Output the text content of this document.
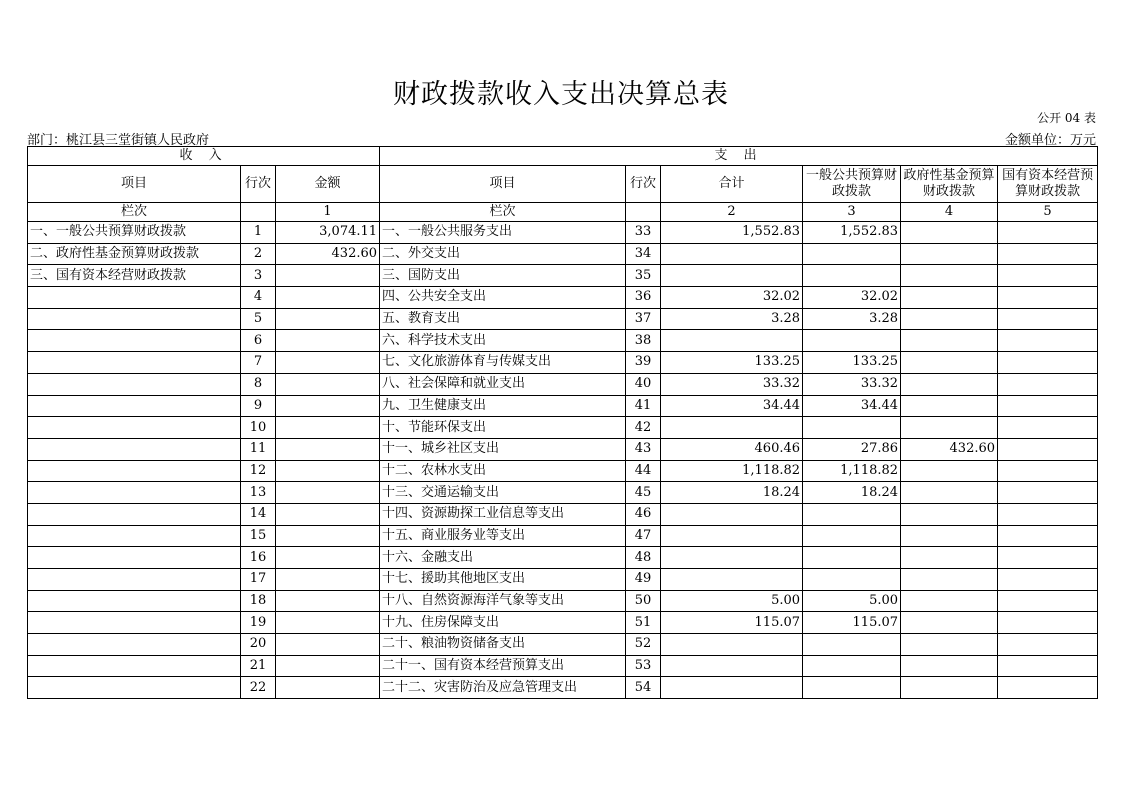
财政拨款收入支出决算总表
公开 04 表
部门：桃江县三堂街镇人民政府	金额单位：万元
收 入			支 出					
项目	行次	金额	项目	行次	合计	一般公共预算财政拨款	政府性基金预算财政拨款	国有资本经营预算财政拨款
栏次		1	栏次		2	3	4	5
一、一般公共预算财政拨款	1	3,074.11	一、一般公共服务支出	33	1,552.83	1,552.83		
二、政府性基金预算财政拨款	2	432.60	二、外交支出	34				
三、国有资本经营财政拨款	3		三、国防支出	35				
	4		四、公共安全支出	36	32.02	32.02		
	5		五、教育支出	37	3.28	3.28		
	6		六、科学技术支出	38				
	7		七、文化旅游体育与传媒支出	39	133.25	133.25		
	8		八、社会保障和就业支出	40	33.32	33.32		
	9		九、卫生健康支出	41	34.44	34.44		
	10		十、节能环保支出	42				
	11		十一、城乡社区支出	43	460.46	27.86	432.60	
	12		十二、农林水支出	44	1,118.82	1,118.82		
	13		十三、交通运输支出	45	18.24	18.24		
	14		十四、资源勘探工业信息等支出	46				
	15		十五、商业服务业等支出	47				
	16		十六、金融支出	48				
	17		十七、援助其他地区支出	49				
	18		十八、自然资源海洋气象等支出	50	5.00	5.00		
	19		十九、住房保障支出	51	115.07	115.07		
	20		二十、粮油物资储备支出	52				
	21		二十一、国有资本经营预算支出	53				
	22		二十二、灾害防治及应急管理支出	54				
